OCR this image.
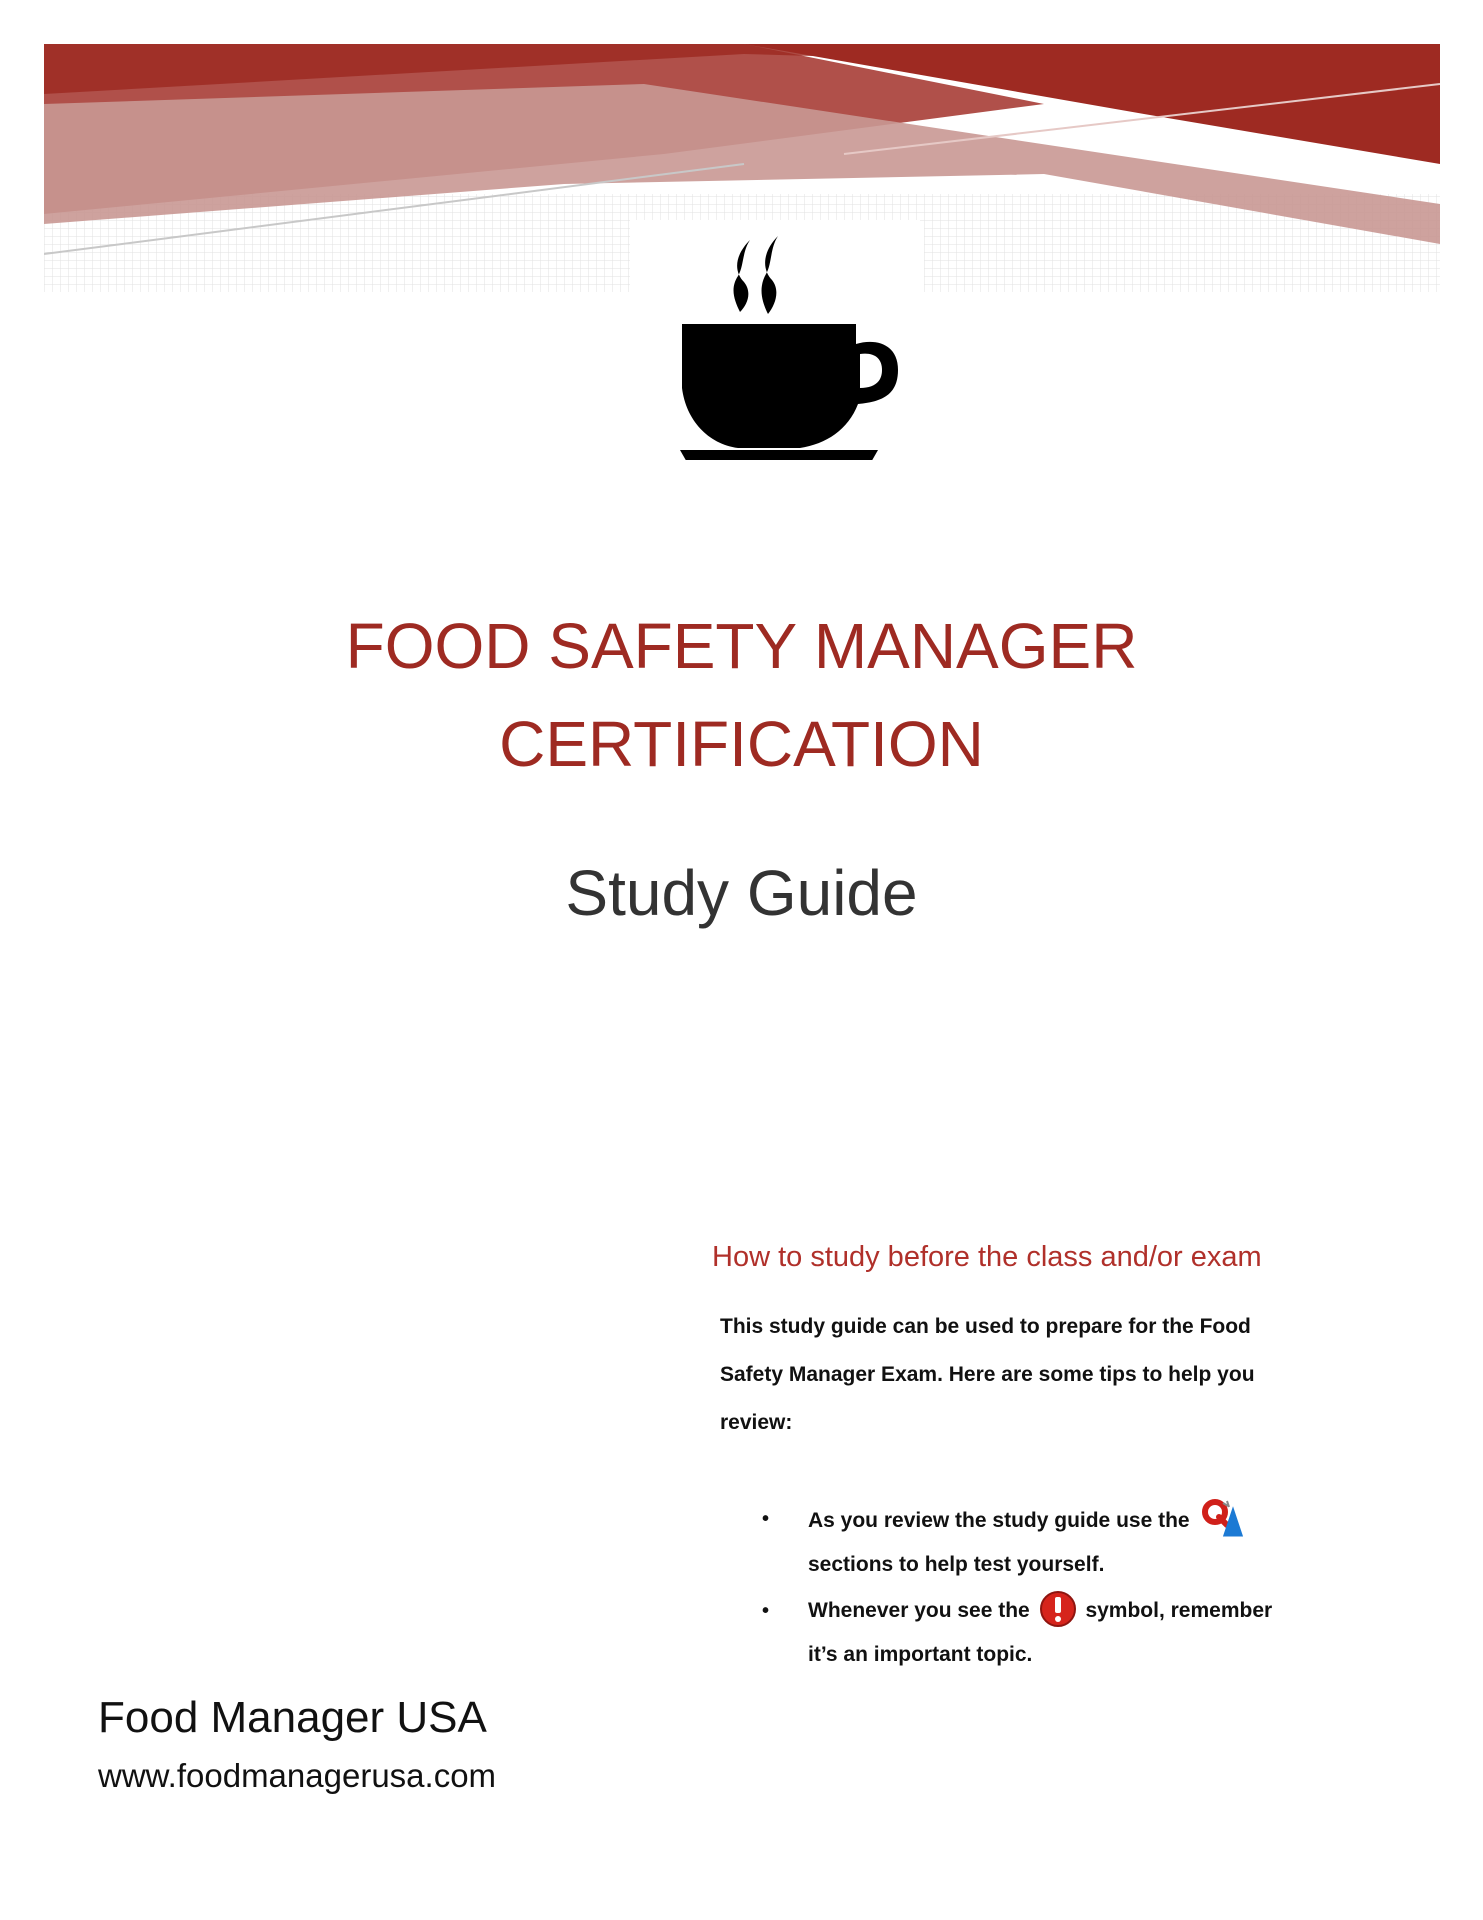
FOOD SAFETY MANAGER
CERTIFICATION
Study Guide
How to study before the class and/or exam
This study guide can be used to prepare for the Food
Safety Manager Exam. Here are some tips to help you
review:
• As you review the study guide use the
sections to help test yourself.
• Whenever you see the	symbol, remember
it’s an important topic.
Food Manager USA
www.foodmanagerusa.com
